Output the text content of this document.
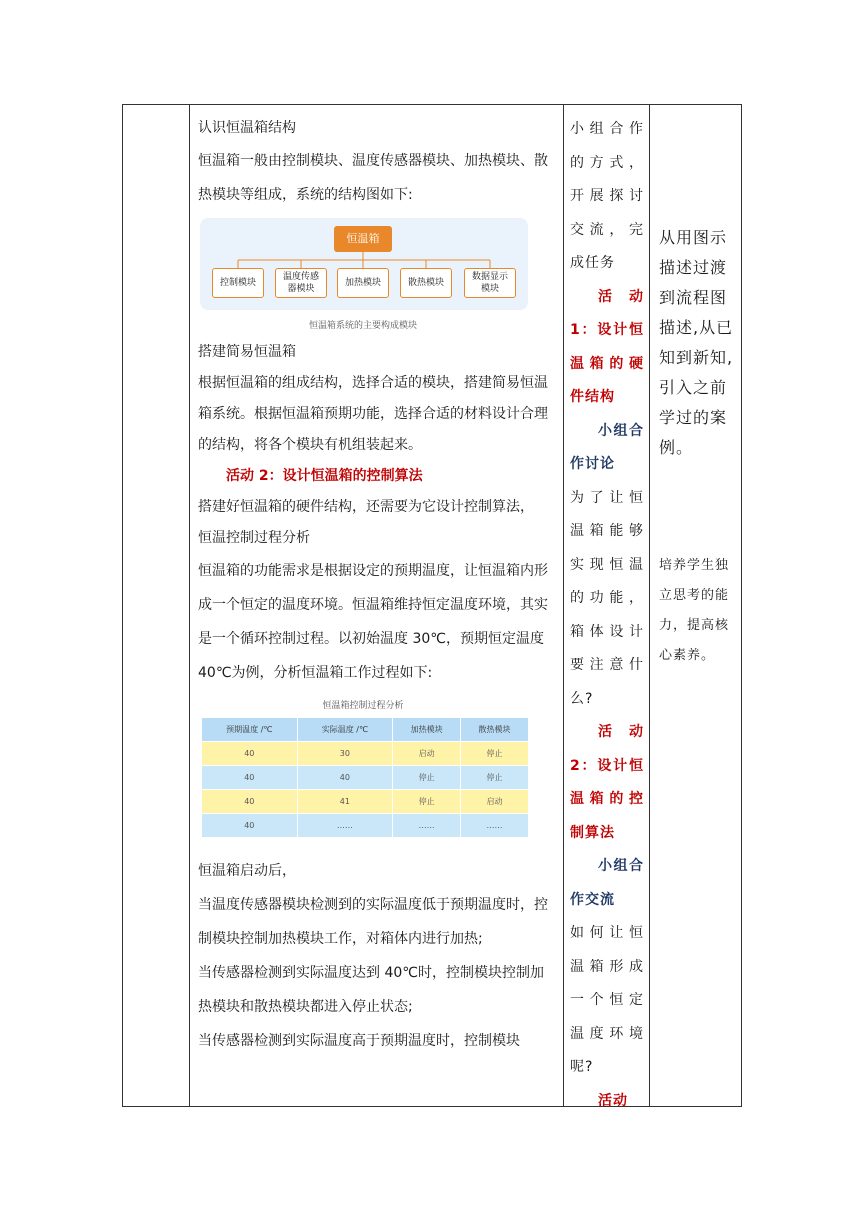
认识恒温箱结构

恒温箱一般由控制模块、温度传感器模块、加热模块、散热模块等组成，系统的结构图如下:

恒温箱
控制模块
温度传感器模块
加热模块	散热模块
数据显示模块
恒温箱系统的主要构成模块

搭建简易恒温箱

根据恒温箱的组成结构，选择合适的模块，搭建简易恒温箱系统。根据恒温箱预期功能，选择合适的材料设计合理的结构，将各个模块有机组装起来。

活动 2：设计恒温箱的控制算法

搭建好恒温箱的硬件结构，还需要为它设计控制算法，

恒温控制过程分析

恒温箱的功能需求是根据设定的预期温度，让恒温箱内形成一个恒定的温度环境。恒温箱维持恒定温度环境，其实是一个循环控制过程。以初始温度 30℃，预期恒定温度 40℃为例，分析恒温箱工作过程如下:

恒温箱控制过程分析
预期温度 /℃	实际温度 /℃	加热模块	散热模块
40	30	启动	停止
40	40	停止	停止
40	41	停止	启动
40	……	……	……

恒温箱启动后，

当温度传感器模块检测到的实际温度低于预期温度时，控制模块控制加热模块工作，对箱体内进行加热;

当传感器检测到实际温度达到 40℃时，控制模块控制加热模块和散热模块都进入停止状态;

当传感器检测到实际温度高于预期温度时，控制模块

小组合作的方式，开展探讨交流，完成任务

活动1：设计恒温箱的硬件结构

小组合作讨论

为了让恒温箱能够实现恒温的功能，箱体设计要注意什么?

活动2：设计恒温箱的控制算法

小组合作交流

如何让恒温箱形成一个恒定温度环境呢?

活动

从用图示描述过渡到流程图描述,从已知到新知,引入之前学过的案例。
培养学生独立思考的能力，提高核心素养。
